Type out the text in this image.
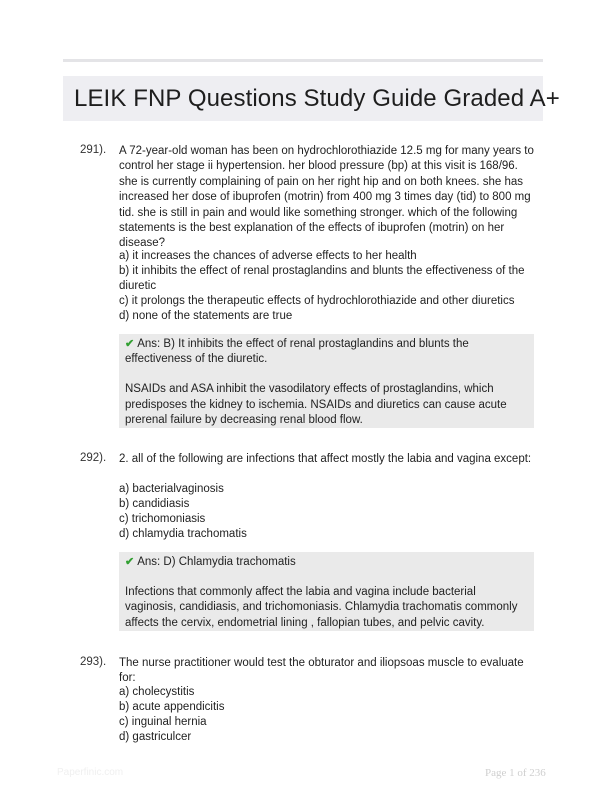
LEIK FNP Questions Study Guide Graded A+
291). A 72-year-old woman has been on hydrochlorothiazide 12.5 mg for many years to control her stage ii hypertension. her blood pressure (bp) at this visit is 168/96. she is currently complaining of pain on her right hip and on both knees. she has increased her dose of ibuprofen (motrin) from 400 mg 3 times day (tid) to 800 mg tid. she is still in pain and would like something stronger. which of the following statements is the best explanation of the effects of ibuprofen (motrin) on her disease?
a) it increases the chances of adverse effects to her health
b) it inhibits the effect of renal prostaglandins and blunts the effectiveness of the diuretic
c) it prolongs the therapeutic effects of hydrochlorothiazide and other diuretics
d) none of the statements are true

✔ Ans: B) It inhibits the effect of renal prostaglandins and blunts the effectiveness of the diuretic.

NSAIDs and ASA inhibit the vasodilatory effects of prostaglandins, which predisposes the kidney to ischemia. NSAIDs and diuretics can cause acute prerenal failure by decreasing renal blood flow.

292). 2. all of the following are infections that affect mostly the labia and vagina except:
a) bacterialvaginosis
b) candidiasis
c) trichomoniasis
d) chlamydia trachomatis

✔ Ans: D) Chlamydia trachomatis

Infections that commonly affect the labia and vagina include bacterial vaginosis, candidiasis, and trichomoniasis. Chlamydia trachomatis commonly affects the cervix, endometrial lining , fallopian tubes, and pelvic cavity.

293). The nurse practitioner would test the obturator and iliopsoas muscle to evaluate for:
a) cholecystitis
b) acute appendicitis
c) inguinal hernia
d) gastriculcer
Paperfinic.com	Page 1 of 236
